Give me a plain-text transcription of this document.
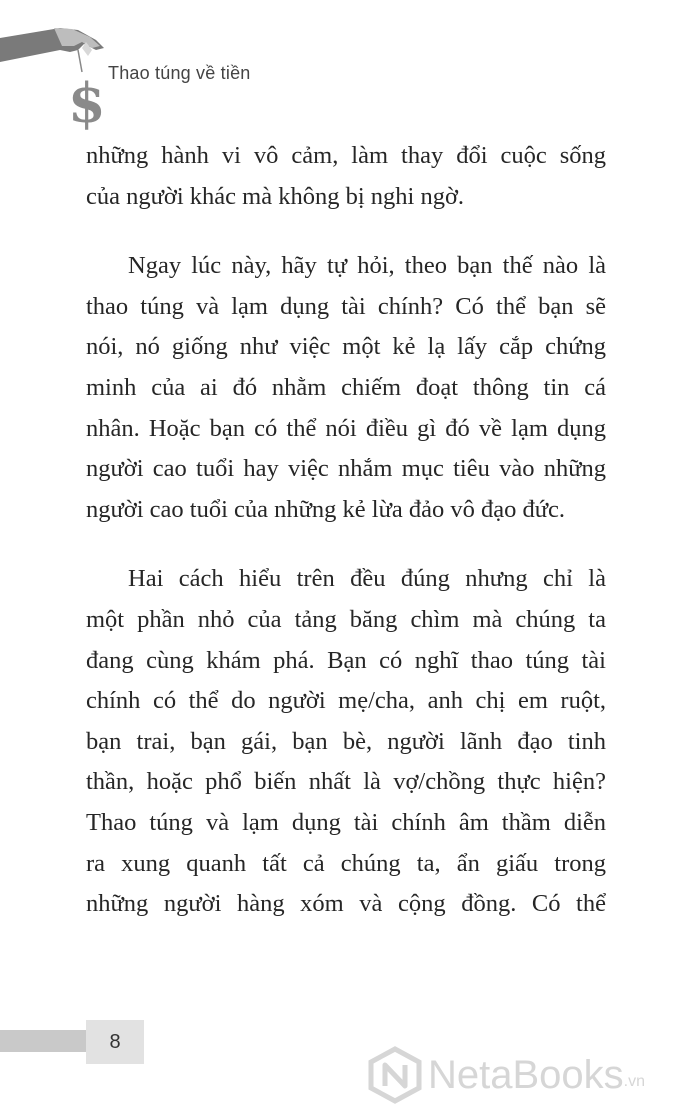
$ Thao túng về tiền
những hành vi vô cảm, làm thay đổi cuộc sống
của người khác mà không bị nghi ngờ.
Ngay lúc này, hãy tự hỏi, theo bạn thế nào là
thao túng và lạm dụng tài chính? Có thể bạn sẽ
nói, nó giống như việc một kẻ lạ lấy cắp chứng
minh của ai đó nhằm chiếm đoạt thông tin cá
nhân. Hoặc bạn có thể nói điều gì đó về lạm dụng
người cao tuổi hay việc nhắm mục tiêu vào những
người cao tuổi của những kẻ lừa đảo vô đạo đức.
Hai cách hiểu trên đều đúng nhưng chỉ là
một phần nhỏ của tảng băng chìm mà chúng ta
đang cùng khám phá. Bạn có nghĩ thao túng tài
chính có thể do người mẹ/cha, anh chị em ruột,
bạn trai, bạn gái, bạn bè, người lãnh đạo tinh
thần, hoặc phổ biến nhất là vợ/chồng thực hiện?
Thao túng và lạm dụng tài chính âm thầm diễn
ra xung quanh tất cả chúng ta, ẩn giấu trong
những người hàng xóm và cộng đồng. Có thể
8
NetaBooks .vn
